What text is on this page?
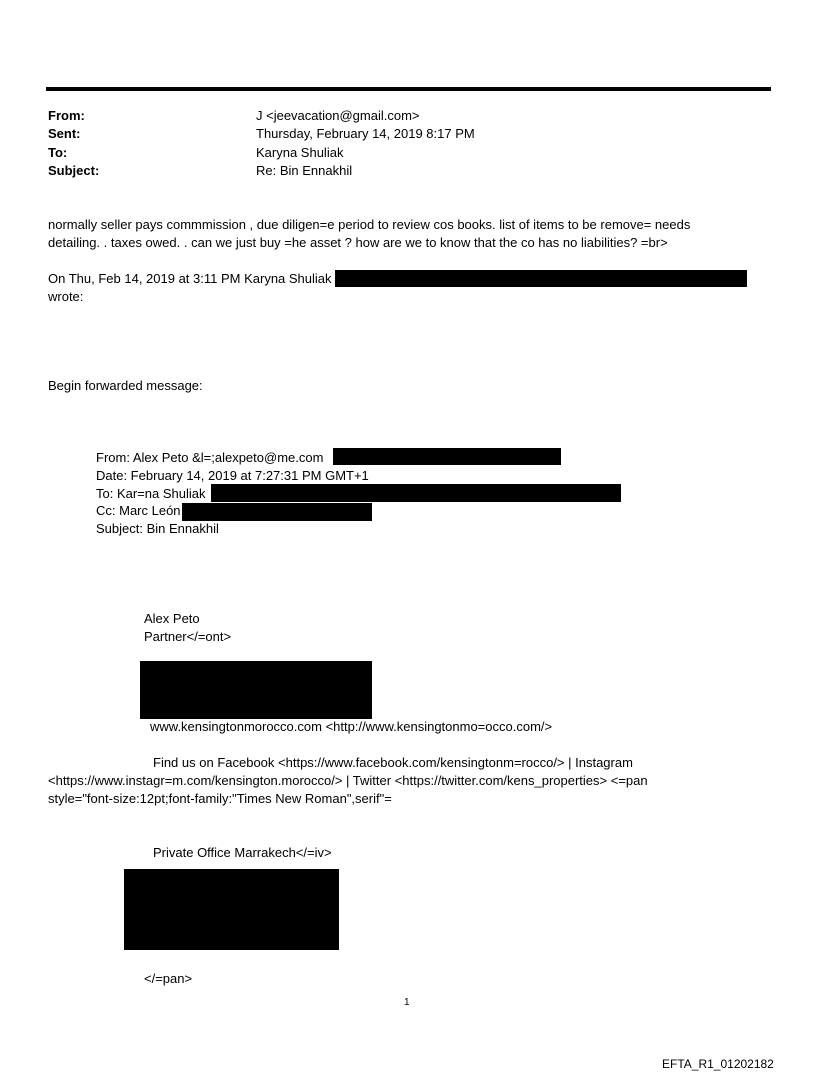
From:	J <jeevacation@gmail.com>
Sent:	Thursday, February 14, 2019 8:17 PM
To:	Karyna Shuliak
Subject:	Re: Bin Ennakhil
normally seller pays commmission , due diligen=e period to review cos books. list of items to be remove= needs
detailing. . taxes owed. . can we just buy =he asset ? how are we to know that the co has no liabilities? =br>
On Thu, Feb 14, 2019 at 3:11 PM Karyna Shuliak
wrote:
Begin forwarded message:
From: Alex Peto &l=;alexpeto@me.com
Date: February 14, 2019 at 7:27:31 PM GMT+1
To: Kar=na Shuliak
Cc: Marc León
Subject: Bin Ennakhil
Alex Peto
Partner</=ont>
www.kensingtonmorocco.com <http://www.kensingtonmo=occo.com/>
Find us on Facebook <https://www.facebook.com/kensingtonm=rocco/> | Instagram
<https://www.instagr=m.com/kensington.morocco/> | Twitter <https://twitter.com/kens_properties> <=pan
style="font-size:12pt;font-family:"Times New Roman",serif"=
Private Office Marrakech</=iv>
</=pan>
1
EFTA_R1_01202182
